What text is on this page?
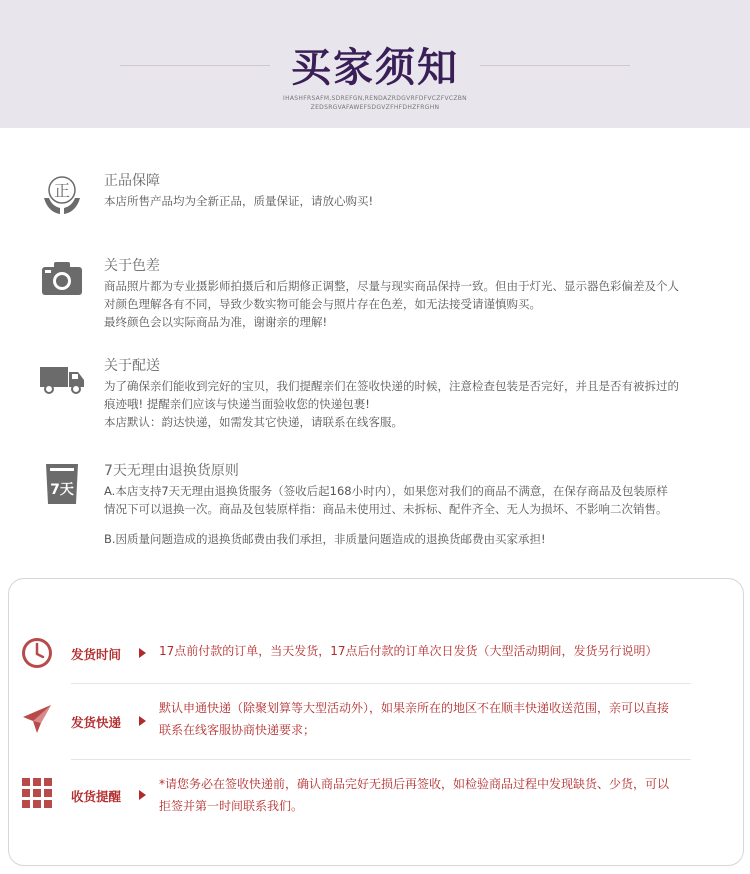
买家须知
IHASHFRSAFM,SDREFGN,RENDAZRDGVRFDFVCZFVCZBN
ZEDSRGVAFAWEFSDGVZFHFDHZFRGHN
正 正品保障
本店所售产品均为全新正品，质量保证，请放心购买!
关于色差
商品照片都为专业摄影师拍摄后和后期修正调整，尽量与现实商品保持一致。但由于灯光、显示器色彩偏差及个人
对颜色理解各有不同，导致少数实物可能会与照片存在色差，如无法接受请谨慎购买。
最终颜色会以实际商品为准，谢谢亲的理解!
关于配送
为了确保亲们能收到完好的宝贝，我们提醒亲们在签收快递的时候，注意检查包装是否完好，并且是否有被拆过的
痕迹哦! 提醒亲们应该与快递当面验收您的快递包裹!
本店默认：韵达快递，如需发其它快递，请联系在线客服。
7天
7天无理由退换货原则
A.本店支持7天无理由退换货服务（签收后起168小时内），如果您对我们的商品不满意，在保存商品及包装原样
情况下可以退换一次。商品及包装原样指：商品未使用过、未拆标、配件齐全、无人为损坏、不影响二次销售。
B.因质量问题造成的退换货邮费由我们承担，非质量问题造成的退换货邮费由买家承担!
发货时间	17点前付款的订单，当天发货，17点后付款的订单次日发货（大型活动期间，发货另行说明）
发货快递
默认申通快递（除聚划算等大型活动外），如果亲所在的地区不在顺丰快递收送范围，亲可以直接
联系在线客服协商快递要求；
收货提醒
*请您务必在签收快递前，确认商品完好无损后再签收，如检验商品过程中发现缺货、少货，可以
拒签并第一时间联系我们。
